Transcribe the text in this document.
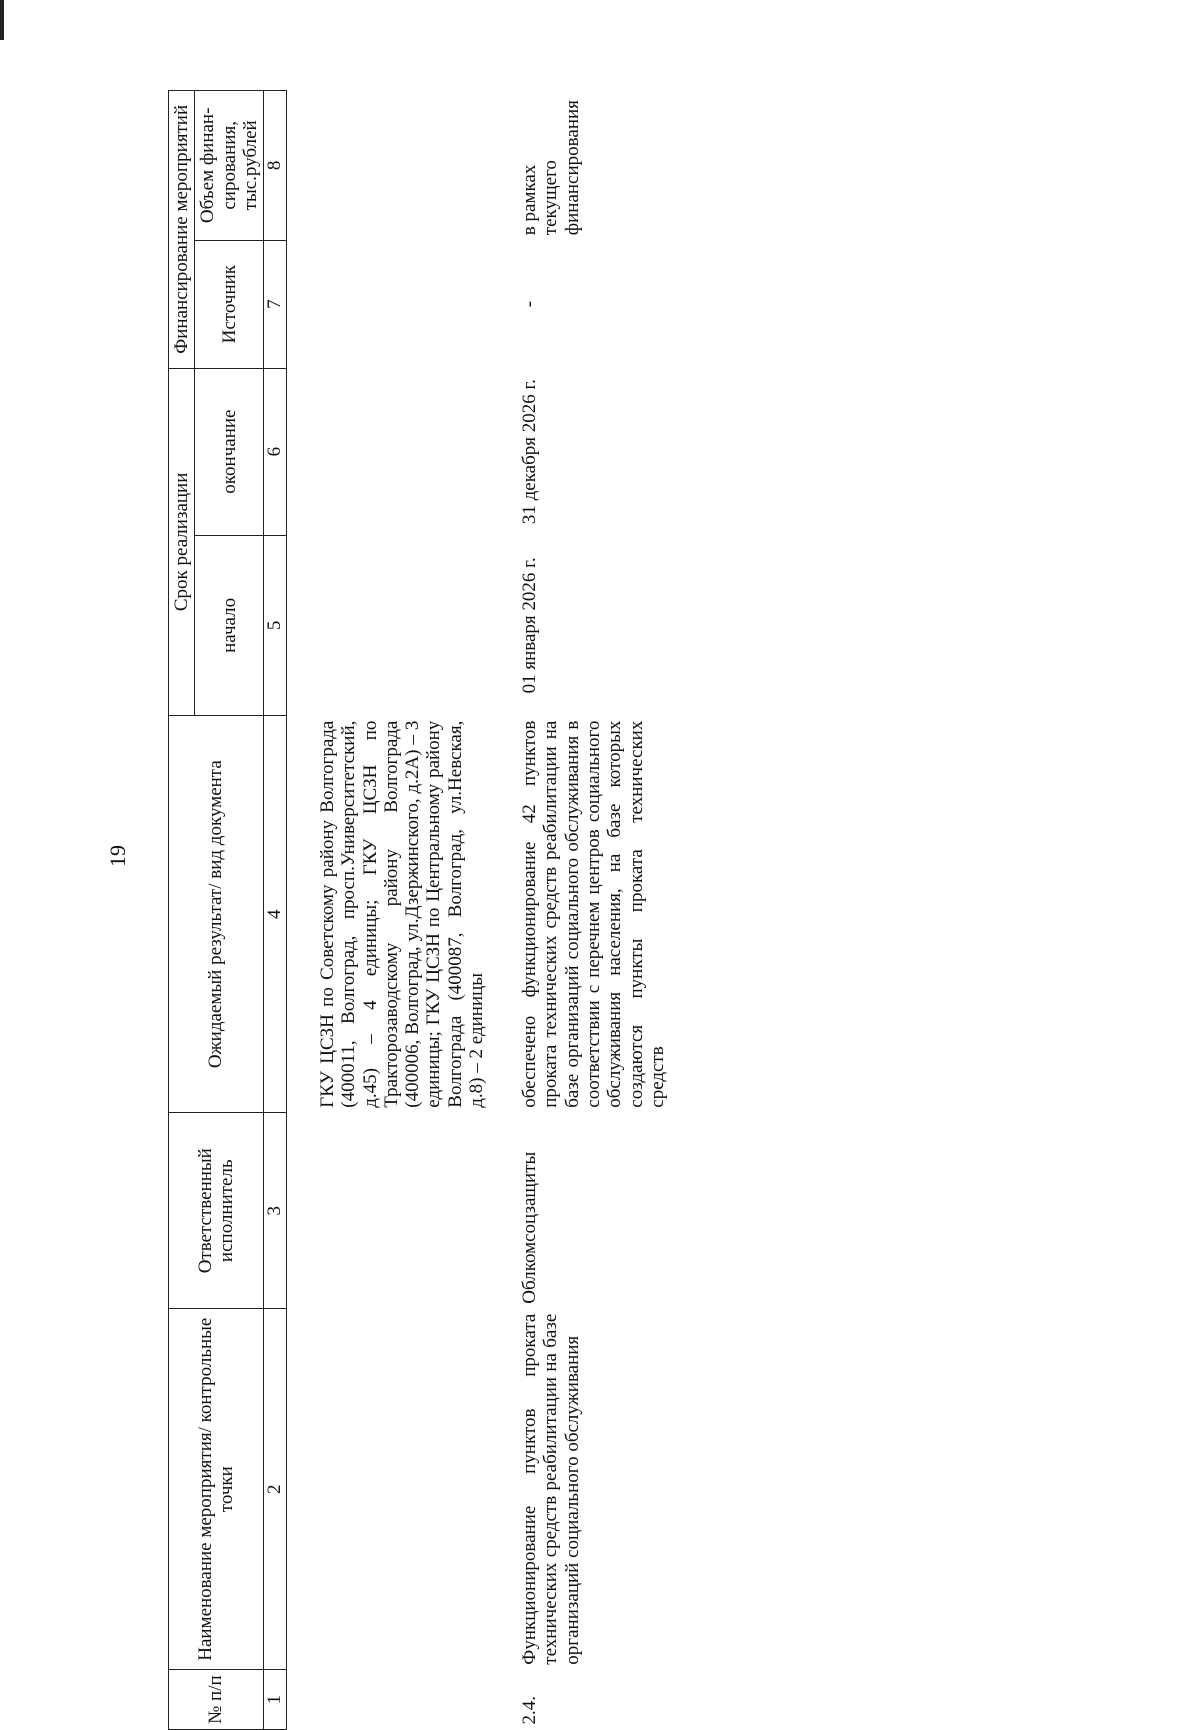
19
№ п/п	Наименование мероприятия/ контрольные точки	Ответственный исполнитель	Ожидаемый результат/ вид документа	Срок реализации		Финансирование мероприятий	
				начало	окончание	Источник	Объем финан-сирования, тыс.рублей
1	2	3	4	5	6	7	8

			ГКУ ЦСЗН по Советскому району Волгограда (400011, Волгоград, просп.Университетский, д.45) – 4 единицы; ГКУ ЦСЗН по Тракторозаводскому району Волгограда (400006, Волгоград, ул.Дзержинского, д.2А) – 3 единицы; ГКУ ЦСЗН по Центральному району Волгограда (400087, Волгоград, ул.Невская, д.8) – 2 единицы				

2.4.	Функционирование пунктов проката технических средств реабилитации на базе организаций социального обслуживания	Облкомсоцзащиты	обеспечено функционирование 42 пунктов проката технических средств реабилитации на базе организаций социального обслуживания в соответствии с перечнем центров социального обслуживания населения, на базе которых создаются пункты проката технических средств	01 января 2026 г.	31 декабря 2026 г.	-	в рамках текущего финансирования
